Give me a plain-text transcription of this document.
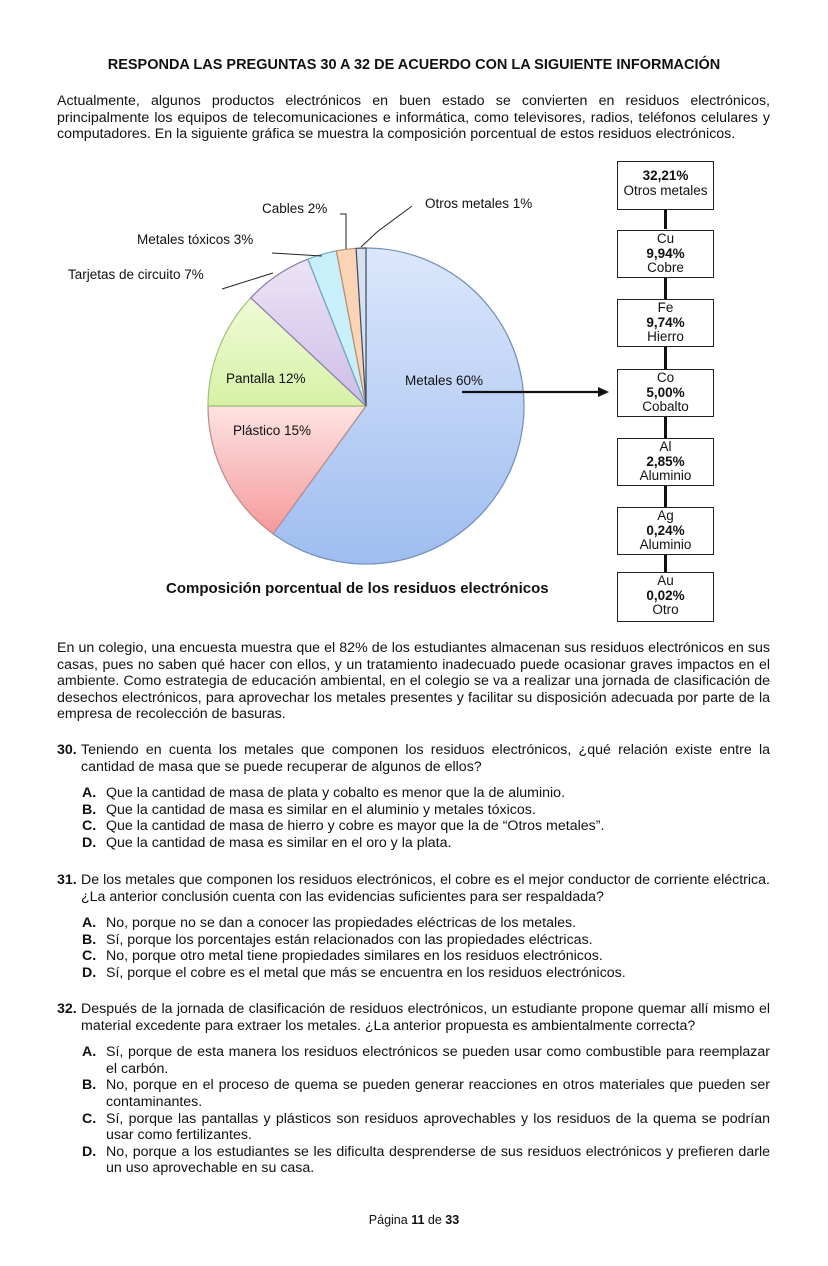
RESPONDA LAS PREGUNTAS 30 A 32 DE ACUERDO CON LA SIGUIENTE INFORMACIÓN
Actualmente, algunos productos electrónicos en buen estado se convierten en residuos electrónicos, principalmente los equipos de telecomunicaciones e informática, como televisores, radios, teléfonos celulares y computadores. En la siguiente gráfica se muestra la composición porcentual de estos residuos electrónicos.
Cables 2%	Otros metales 1%
Metales tóxicos 3%
Tarjetas de circuito 7%
Pantalla 12%	Metales 60%
Plástico 15%
Composición porcentual de los residuos electrónicos
32,21%
Otros metales
Cu
9,94%
Cobre
Fe
9,74%
Hierro
Co
5,00%
Cobalto
Al
2,85%
Aluminio
Ag
0,24%
Aluminio
Au
0,02%
Otro
En un colegio, una encuesta muestra que el 82% de los estudiantes almacenan sus residuos electrónicos en sus casas, pues no saben qué hacer con ellos, y un tratamiento inadecuado puede ocasionar graves impactos en el ambiente. Como estrategia de educación ambiental, en el colegio se va a realizar una jornada de clasificación de desechos electrónicos, para aprovechar los metales presentes y facilitar su disposición adecuada por parte de la empresa de recolección de basuras.
30. Teniendo en cuenta los metales que componen los residuos electrónicos, ¿qué relación existe entre la cantidad de masa que se puede recuperar de algunos de ellos?
A. Que la cantidad de masa de plata y cobalto es menor que la de aluminio.
B. Que la cantidad de masa es similar en el aluminio y metales tóxicos.
C. Que la cantidad de masa de hierro y cobre es mayor que la de “Otros metales”.
D. Que la cantidad de masa es similar en el oro y la plata.
31. De los metales que componen los residuos electrónicos, el cobre es el mejor conductor de corriente eléctrica. ¿La anterior conclusión cuenta con las evidencias suficientes para ser respaldada?
A. No, porque no se dan a conocer las propiedades eléctricas de los metales.
B. Sí, porque los porcentajes están relacionados con las propiedades eléctricas.
C. No, porque otro metal tiene propiedades similares en los residuos electrónicos.
D. Sí, porque el cobre es el metal que más se encuentra en los residuos electrónicos.
32. Después de la jornada de clasificación de residuos electrónicos, un estudiante propone quemar allí mismo el material excedente para extraer los metales. ¿La anterior propuesta es ambientalmente correcta?
A. Sí, porque de esta manera los residuos electrónicos se pueden usar como combustible para reemplazar el carbón.
B. No, porque en el proceso de quema se pueden generar reacciones en otros materiales que pueden ser contaminantes.
C. Sí, porque las pantallas y plásticos son residuos aprovechables y los residuos de la quema se podrían usar como fertilizantes.
D. No, porque a los estudiantes se les dificulta desprenderse de sus residuos electrónicos y prefieren darle un uso aprovechable en su casa.
Página 11 de 33
